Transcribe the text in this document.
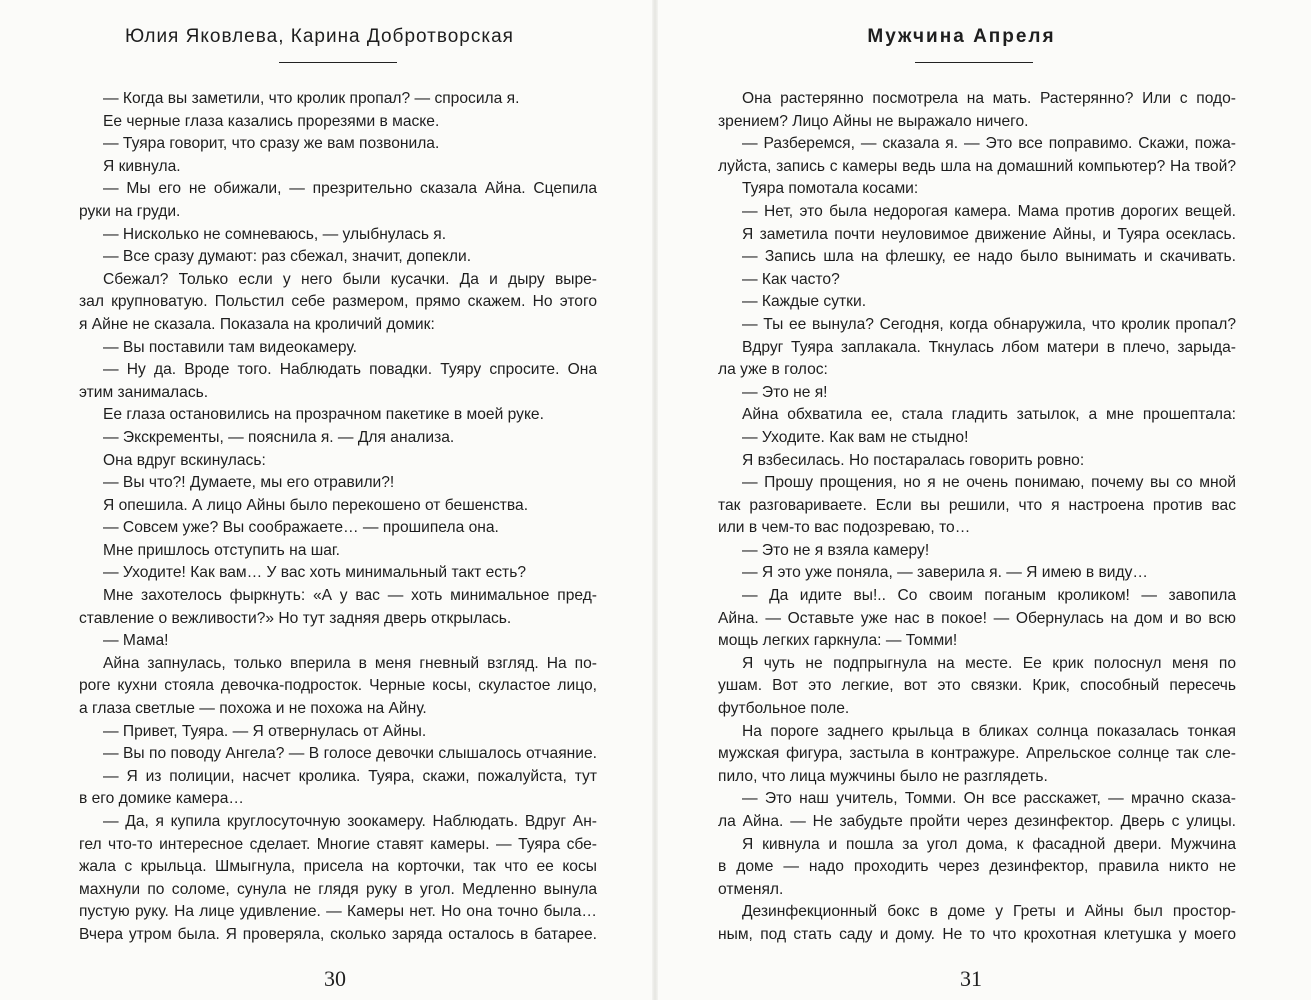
Юлия Яковлева, Карина Добротворская
— Когда вы заметили, что кролик пропал? — спросила я.
Ее черные глаза казались прорезями в маске.
— Туяра говорит, что сразу же вам позвонила.
Я кивнула.
— Мы его не обижали, — презрительно сказала Айна. Сцепила
руки на груди.
— Нисколько не сомневаюсь, — улыбнулась я.
— Все сразу думают: раз сбежал, значит, допекли.
Сбежал? Только если у него были кусачки. Да и дыру выре-
зал крупноватую. Польстил себе размером, прямо скажем. Но этого
я Айне не сказала. Показала на кроличий домик:
— Вы поставили там видеокамеру.
— Ну да. Вроде того. Наблюдать повадки. Туяру спросите. Она
этим занималась.
Ее глаза остановились на прозрачном пакетике в моей руке.
— Экскременты, — пояснила я. — Для анализа.
Она вдруг вскинулась:
— Вы что?! Думаете, мы его отравили?!
Я опешила. А лицо Айны было перекошено от бешенства.
— Совсем уже? Вы соображаете… — прошипела она.
Мне пришлось отступить на шаг.
— Уходите! Как вам… У вас хоть минимальный такт есть?
Мне захотелось фыркнуть: «А у вас — хоть минимальное пред-
ставление о вежливости?» Но тут задняя дверь открылась.
— Мама!
Айна запнулась, только вперила в меня гневный взгляд. На по-
роге кухни стояла девочка-подросток. Черные косы, скуластое лицо,
а глаза светлые — похожа и не похожа на Айну.
— Привет, Туяра. — Я отвернулась от Айны.
— Вы по поводу Ангела? — В голосе девочки слышалось отчаяние.
— Я из полиции, насчет кролика. Туяра, скажи, пожалуйста, тут
в его домике камера…
— Да, я купила круглосуточную зоокамеру. Наблюдать. Вдруг Ан-
гел что-то интересное сделает. Многие ставят камеры. — Туяра сбе-
жала с крыльца. Шмыгнула, присела на корточки, так что ее косы
махнули по соломе, сунула не глядя руку в угол. Медленно вынула
пустую руку. На лице удивление. — Камеры нет. Но она точно была…
Вчера утром была. Я проверяла, сколько заряда осталось в батарее.
30
Мужчина Апреля
Она растерянно посмотрела на мать. Растерянно? Или с подо-
зрением? Лицо Айны не выражало ничего.
— Разберемся, — сказала я. — Это все поправимо. Скажи, пожа-
луйста, запись с камеры ведь шла на домашний компьютер? На твой?
Туяра помотала косами:
— Нет, это была недорогая камера. Мама против дорогих вещей.
Я заметила почти неуловимое движение Айны, и Туяра осеклась.
— Запись шла на флешку, ее надо было вынимать и скачивать.
— Как часто?
— Каждые сутки.
— Ты ее вынула? Сегодня, когда обнаружила, что кролик пропал?
Вдруг Туяра заплакала. Ткнулась лбом матери в плечо, зарыда-
ла уже в голос:
— Это не я!
Айна обхватила ее, стала гладить затылок, а мне прошептала:
— Уходите. Как вам не стыдно!
Я взбесилась. Но постаралась говорить ровно:
— Прошу прощения, но я не очень понимаю, почему вы со мной
так разговариваете. Если вы решили, что я настроена против вас
или в чем-то вас подозреваю, то…
— Это не я взяла камеру!
— Я это уже поняла, — заверила я. — Я имею в виду…
— Да идите вы!.. Со своим поганым кроликом! — завопила
Айна. — Оставьте уже нас в покое! — Обернулась на дом и во всю
мощь легких гаркнула: — Томми!
Я чуть не подпрыгнула на месте. Ее крик полоснул меня по
ушам. Вот это легкие, вот это связки. Крик, способный пересечь
футбольное поле.
На пороге заднего крыльца в бликах солнца показалась тонкая
мужская фигура, застыла в контражуре. Апрельское солнце так сле-
пило, что лица мужчины было не разглядеть.
— Это наш учитель, Томми. Он все расскажет, — мрачно сказа-
ла Айна. — Не забудьте пройти через дезинфектор. Дверь с улицы.
Я кивнула и пошла за угол дома, к фасадной двери. Мужчина
в доме — надо проходить через дезинфектор, правила никто не
отменял.
Дезинфекционный бокс в доме у Греты и Айны был простор-
ным, под стать саду и дому. Не то что крохотная клетушка у моего
31
